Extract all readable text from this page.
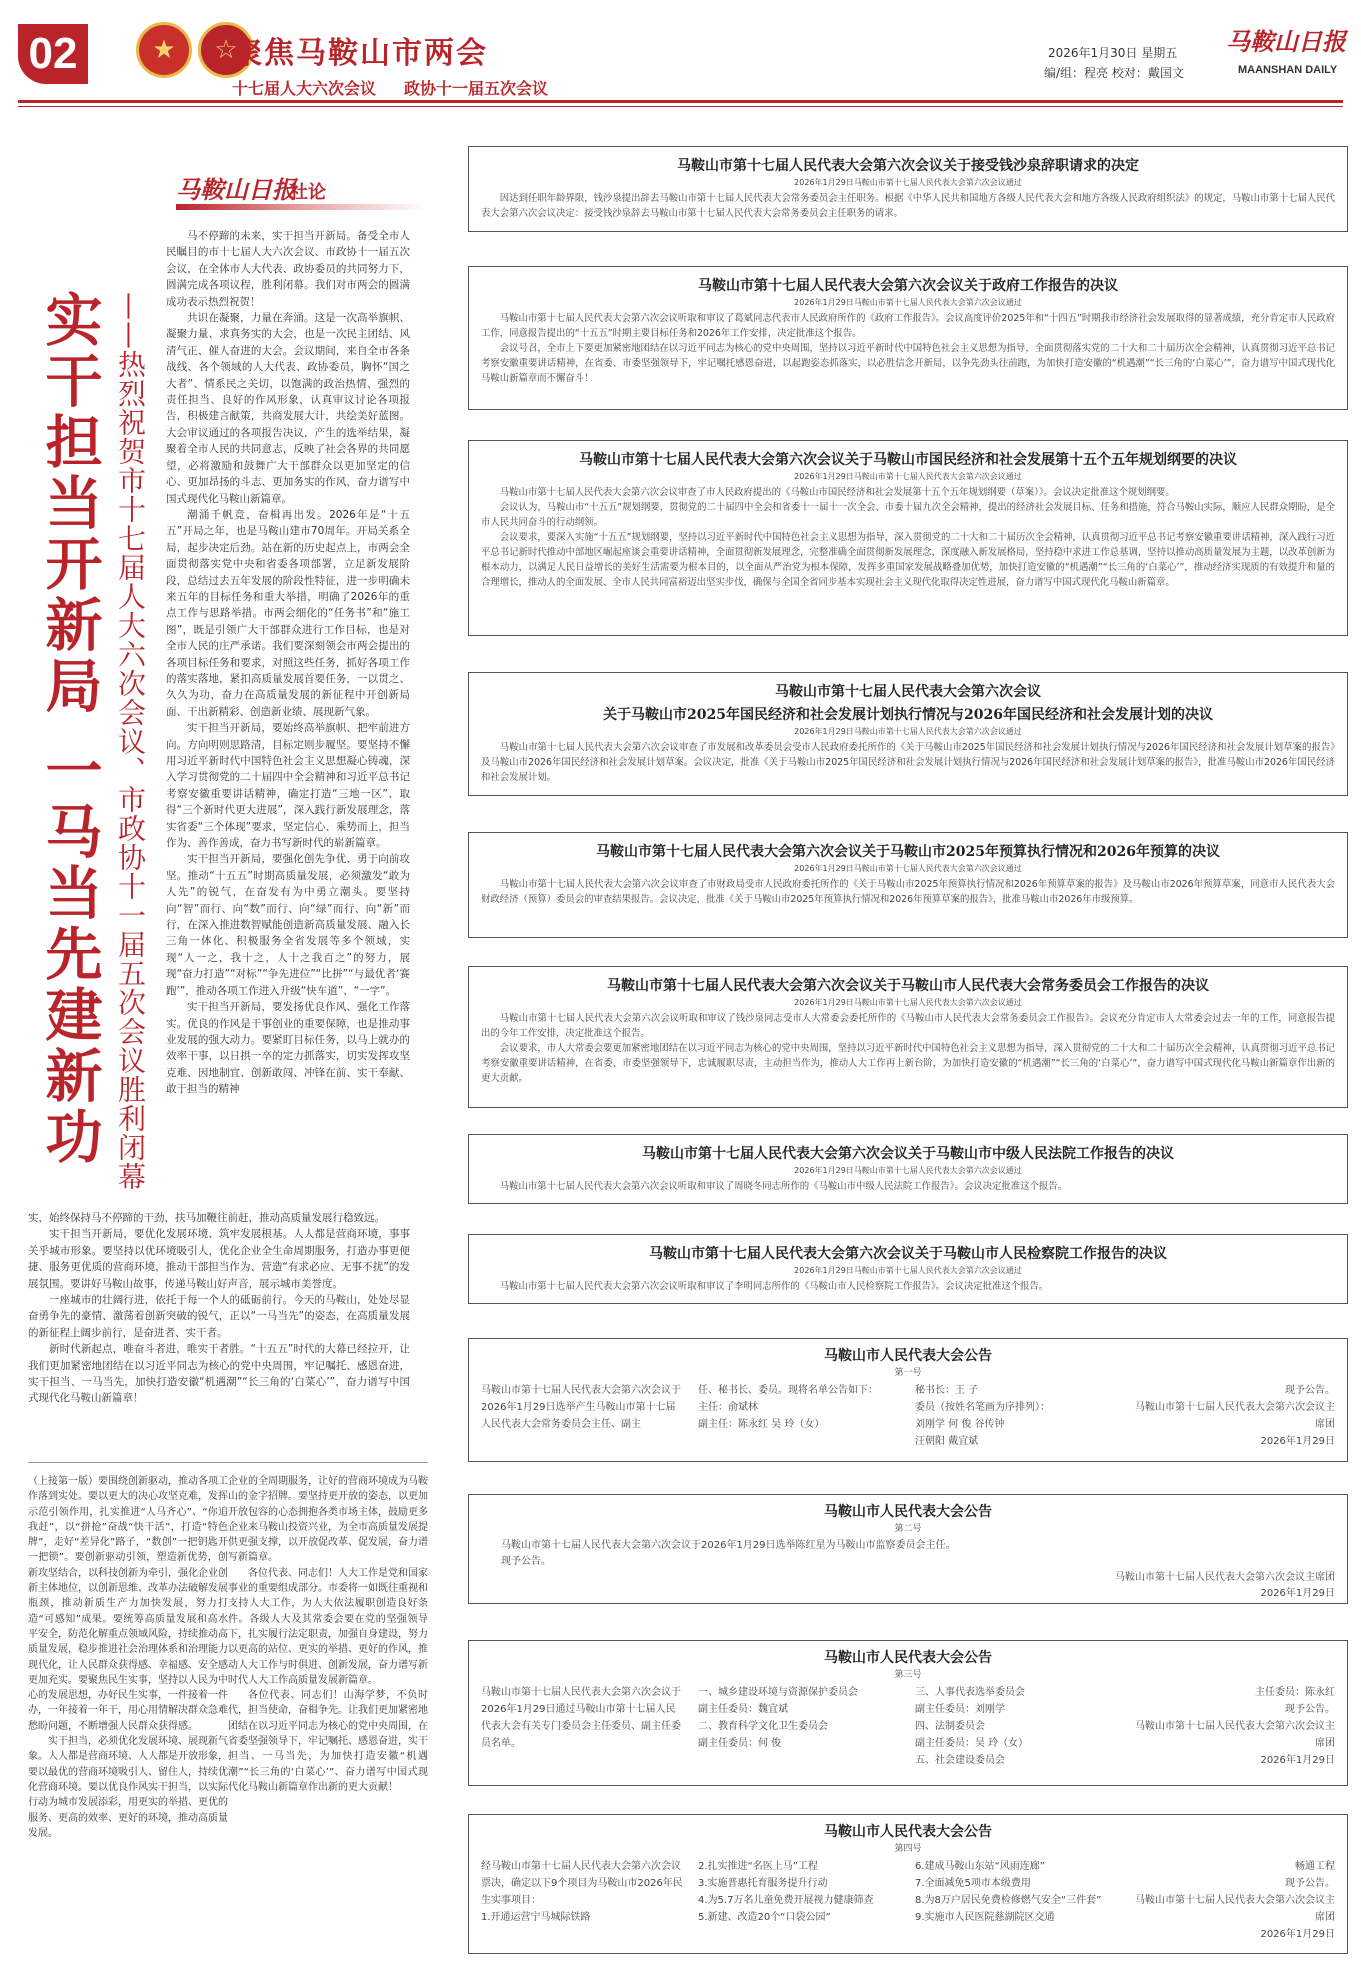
02	★	☆
聚焦马鞍山市两会
十七届人大六次会议 政协十一届五次会议
2026年1月30日 星期五
编/组：程亮 校对：戴国文
马鞍山日报
MAANSHAN DAILY
马鞍山日报
社论
实干担当开新局 一马当先建新功 ——热烈祝贺市十七届人大六次会议、市政协十一届五次会议胜利闭幕

马不停蹄的未来，实干担当开新局。备受全市人民瞩目的市十七届人大六次会议、市政协十一届五次会议，在全体市人大代表、政协委员的共同努力下，圆满完成各项议程，胜利闭幕。我们对市两会的圆满成功表示热烈祝贺！

共识在凝聚，力量在奔涌。这是一次高举旗帜、凝聚力量、求真务实的大会，也是一次民主团结、风清气正、催人奋进的大会。会议期间，来自全市各条战线、各个领域的人大代表、政协委员，胸怀“国之大者”、情系民之关切，以饱满的政治热情、强烈的责任担当、良好的作风形象，认真审议讨论各项报告，积极建言献策，共商发展大计，共绘美好蓝图。大会审议通过的各项报告决议，产生的选举结果，凝聚着全市人民的共同意志，反映了社会各界的共同愿望，必将激励和鼓舞广大干部群众以更加坚定的信心、更加昂扬的斗志、更加务实的作风，奋力谱写中国式现代化马鞍山新篇章。

潮涌千帆竞，奋楫再出发。2026年是“十五五”开局之年，也是马鞍山建市70周年。开局关系全局，起步决定后劲。站在新的历史起点上，市两会全面贯彻落实党中央和省委各项部署，立足新发展阶段，总结过去五年发展的阶段性特征，进一步明确未来五年的目标任务和重大举措，明确了2026年的重点工作与思路举措。市两会细化的“任务书”和“施工图”，既是引领广大干部群众进行工作目标，也是对全市人民的庄严承诺。我们要深刻领会市两会提出的各项目标任务和要求，对照这些任务，抓好各项工作的落实落地，紧扣高质量发展首要任务，一以贯之、久久为功，奋力在高质量发展的新征程中开创新局面、干出新精彩、创造新业绩、展现新气象。

实干担当开新局，要始终高举旗帜、把牢前进方向。方向明则思路清，目标定则步履坚。要坚持不懈用习近平新时代中国特色社会主义思想凝心铸魂，深入学习贯彻党的二十届四中全会精神和习近平总书记考察安徽重要讲话精神，确定打造“三地一区”、取得“三个新时代更大进展”，深入践行新发展理念，落实省委“三个体现”要求，坚定信心、乘势而上，担当作为、善作善成，奋力书写新时代的崭新篇章。

实干担当开新局，要强化创先争优、勇于向前攻坚。推动“十五五”时期高质量发展，必须激发“敢为人先”的锐气，在奋发有为中勇立潮头。要坚持向“智”而行、向“数”而行、向“绿”而行、向“新”而行，在深入推进数智赋能创造新高质量发展、融入长三角一体化、积极服务全省发展等多个领域，实现“人一之，我十之，人十之我百之”的努力，展现“奋力打造”“对标”“争先进位”“比拼”“与最优者‘赛跑’”，推动各项工作进入升级“快车道”、“一字”。

实干担当开新局，要发扬优良作风、强化工作落实。优良的作风是干事创业的重要保障，也是推动事业发展的强大动力。要紧盯目标任务，以马上就办的效率干事，以日拱一卒的定力抓落实，切实发挥攻坚克难、因地制宜、创新敢闯、冲锋在前、实干奉献、敢于担当的精神

实，始终保持马不停蹄的干劲，扶马加鞭往前赶，推动高质量发展行稳致远。

实干担当开新局，要优化发展环境、筑牢发展根基。人人都是营商环境，事事关乎城市形象。要坚持以优环境吸引人，优化企业全生命周期服务，打造办事更便捷、服务更优质的营商环境，推动干部担当作为、营造“有求必应、无事不扰”的发展氛围。要讲好马鞍山故事，传递马鞍山好声音，展示城市美誉度。

一座城市的壮阔行进，依托于每一个人的砥砺前行。今天的马鞍山，处处尽显奋勇争先的豪情、激荡着创新突破的锐气，正以“一马当先”的姿态，在高质量发展的新征程上阔步前行，是奋进者、实干者。

新时代新起点，唯奋斗者进，唯实干者胜。“十五五”时代的大幕已经拉开，让我们更加紧密地团结在以习近平同志为核心的党中央周围，牢记嘱托、感恩奋进，实干担当、一马当先，加快打造安徽“机遇潮”“长三角的‘白菜心’”，奋力谱写中国式现代化马鞍山新篇章！

（上接第一版）要围绕创新驱动，推动各项工作落到实处。要以更大的决心攻坚克难，发挥示范引领作用，扎实推进“人马齐心”、“你追我赶”，以“拼抢”奋战“快干活”，打造“特色牌”，走好“差异化”路子，“数创”一把钥匙开一把锁”。要创新驱动引领，塑造新优势，创新攻坚结合，以科技创新为牵引，强化企业创新主体地位，以创新思维、改革办法破解发展瓶颈，推动新质生产力加快发展，努力打造“可感知”成果。要统筹高质量发展和高水平安全，防范化解重点领域风险，持续推动高质量发展，稳步推进社会治理体系和治理能力现代化，让人民群众获得感、幸福感、安全感更加充实。要聚焦民生实事，坚持以人民为中心的发展思想，办好民生实事，一件接着一件办，一年接着一年干，用心用情解决群众急难愁盼问题，不断增强人民群众获得感。

实干担当，必须优化发展环境、展现新气象。人人都是营商环境、人人都是开放形象，要以最优的营商环境吸引人、留住人，持续优化营商环境。要以优良作风实干担当，以实际行动为城市发展添彩，用更实的举措、更优的服务、更高的效率、更好的环境，推动高质量发展。

企业的全周期服务，让好的营商环境成为马鞍山的金字招牌。要坚持更开放的姿态，以更加开放包容的心态拥抱各类市场主体，鼓励更多企业来马鞍山投资兴业，为全市高质量发展提供更强支撑，以开放促改革、促发展，奋力谱写新篇章。

各位代表、同志们！人大工作是党和国家事业的重要组成部分。市委将一如既往重视和支持人大工作，为人大依法履职创造良好条件。各级人大及其常委会要在党的坚强领导下，扎实履行法定职责，加强自身建设，努力以更高的站位、更实的举措、更好的作风，推动人大工作与时俱进、创新发展，奋力谱写新时代人大工作高质量发展新篇章。

各位代表、同志们！山海学梦，不负时代，担当使命，奋楫争先。让我们更加紧密地团结在以习近平同志为核心的党中央周围，在省委坚强领导下，牢记嘱托、感恩奋进，实干担当、一马当先，为加快打造安徽“机遇潮”“长三角的‘白菜心’”、奋力谱写中国式现代化马鞍山新篇章作出新的更大贡献！

马鞍山市第十七届人民代表大会第六次会议关于接受钱沙泉辞职请求的决定
2026年1月29日马鞍山市第十七届人民代表大会第六次会议通过

因达到任职年龄界限，钱沙泉提出辞去马鞍山市第十七届人民代表大会常务委员会主任职务。根据《中华人民共和国地方各级人民代表大会和地方各级人民政府组织法》的规定，马鞍山市第十七届人民代表大会第六次会议决定：接受钱沙泉辞去马鞍山市第十七届人民代表大会常务委员会主任职务的请求。

马鞍山市第十七届人民代表大会第六次会议关于政府工作报告的决议
2026年1月29日马鞍山市第十七届人民代表大会第六次会议通过

马鞍山市第十七届人民代表大会第六次会议听取和审议了葛斌同志代表市人民政府所作的《政府工作报告》。会议高度评价2025年和“十四五”时期我市经济社会发展取得的显著成绩，充分肯定市人民政府工作，同意报告提出的“十五五”时期主要目标任务和2026年工作安排，决定批准这个报告。

会议号召，全市上下要更加紧密地团结在以习近平同志为核心的党中央周围，坚持以习近平新时代中国特色社会主义思想为指导，全面贯彻落实党的二十大和二十届历次全会精神，认真贯彻习近平总书记考察安徽重要讲话精神，在省委、市委坚强领导下，牢记嘱托感恩奋进，以起跑姿态抓落实，以必胜信念开新局，以争先劲头往前跑，为加快打造安徽的“机遇潮”“长三角的‘白菜心’”，奋力谱写中国式现代化马鞍山新篇章而不懈奋斗！

马鞍山市第十七届人民代表大会第六次会议关于马鞍山市国民经济和社会发展第十五个五年规划纲要的决议
2026年1月29日马鞍山市第十七届人民代表大会第六次会议通过

马鞍山市第十七届人民代表大会第六次会议审查了市人民政府提出的《马鞍山市国民经济和社会发展第十五个五年规划纲要（草案）》。会议决定批准这个规划纲要。

会议认为，马鞍山市“十五五”规划纲要，贯彻党的二十届四中全会和省委十一届十一次全会、市委十届九次全会精神，提出的经济社会发展目标、任务和措施，符合马鞍山实际，顺应人民群众期盼，是全市人民共同奋斗的行动纲领。

会议要求，要深入实施“十五五”规划纲要，坚持以习近平新时代中国特色社会主义思想为指导，深入贯彻党的二十大和二十届历次全会精神，认真贯彻习近平总书记考察安徽重要讲话精神，深入践行习近平总书记新时代推动中部地区崛起座谈会重要讲话精神，全面贯彻新发展理念，完整准确全面贯彻新发展理念，深度融入新发展格局，坚持稳中求进工作总基调，坚持以推动高质量发展为主题，以改革创新为根本动力，以满足人民日益增长的美好生活需要为根本目的，以全面从严治党为根本保障，发挥多重国家发展战略叠加优势，加快打造安徽的“机遇潮”“长三角的‘白菜心’”，推动经济实现质的有效提升和量的合理增长，推动人的全面发展、全市人民共同富裕迈出坚实步伐，确保与全国全省同步基本实现社会主义现代化取得决定性进展，奋力谱写中国式现代化马鞍山新篇章。

马鞍山市第十七届人民代表大会第六次会议
关于马鞍山市2025年国民经济和社会发展计划执行情况与2026年国民经济和社会发展计划的决议
2026年1月29日马鞍山市第十七届人民代表大会第六次会议通过

马鞍山市第十七届人民代表大会第六次会议审查了市发展和改革委员会受市人民政府委托所作的《关于马鞍山市2025年国民经济和社会发展计划执行情况与2026年国民经济和社会发展计划草案的报告》及马鞍山市2026年国民经济和社会发展计划草案。会议决定，批准《关于马鞍山市2025年国民经济和社会发展计划执行情况与2026年国民经济和社会发展计划草案的报告》，批准马鞍山市2026年国民经济和社会发展计划。

马鞍山市第十七届人民代表大会第六次会议关于马鞍山市2025年预算执行情况和2026年预算的决议
2026年1月29日马鞍山市第十七届人民代表大会第六次会议通过

马鞍山市第十七届人民代表大会第六次会议审查了市财政局受市人民政府委托所作的《关于马鞍山市2025年预算执行情况和2026年预算草案的报告》及马鞍山市2026年预算草案，同意市人民代表大会财政经济（预算）委员会的审查结果报告。会议决定，批准《关于马鞍山市2025年预算执行情况和2026年预算草案的报告》，批准马鞍山市2026年市级预算。

马鞍山市第十七届人民代表大会第六次会议关于马鞍山市人民代表大会常务委员会工作报告的决议
2026年1月29日马鞍山市第十七届人民代表大会第六次会议通过

马鞍山市第十七届人民代表大会第六次会议听取和审议了钱沙泉同志受市人大常委会委托所作的《马鞍山市人民代表大会常务委员会工作报告》。会议充分肯定市人大常委会过去一年的工作，同意报告提出的今年工作安排，决定批准这个报告。

会议要求，市人大常委会要更加紧密地团结在以习近平同志为核心的党中央周围，坚持以习近平新时代中国特色社会主义思想为指导，深入贯彻党的二十大和二十届历次全会精神，认真贯彻习近平总书记考察安徽重要讲话精神，在省委、市委坚强领导下，忠诚履职尽责，主动担当作为，推动人大工作再上新台阶，为加快打造安徽的“机遇潮”“长三角的‘白菜心’”，奋力谱写中国式现代化马鞍山新篇章作出新的更大贡献。

马鞍山市第十七届人民代表大会第六次会议关于马鞍山市中级人民法院工作报告的决议
2026年1月29日马鞍山市第十七届人民代表大会第六次会议通过

马鞍山市第十七届人民代表大会第六次会议听取和审议了周晓冬同志所作的《马鞍山市中级人民法院工作报告》。会议决定批准这个报告。

马鞍山市第十七届人民代表大会第六次会议关于马鞍山市人民检察院工作报告的决议
2026年1月29日马鞍山市第十七届人民代表大会第六次会议通过

马鞍山市第十七届人民代表大会第六次会议听取和审议了李明同志所作的《马鞍山市人民检察院工作报告》。会议决定批准这个报告。

马鞍山市人民代表大会公告
第一号
马鞍山市第十七届人民代表大会第六次会议于2026年1月29日选举产生马鞍山市第十七届人民代表大会常务委员会主任、副主
任、秘书长、委员。现将名单公告如下：
主任：俞斌林
副主任：陈永红 吴 玲（女）
秘书长：王 子
委员（按姓名笔画为序排列）：
刘刚学 何 俊 谷传钟
汪朝阳 戴宜斌
现予公告。
马鞍山市第十七届人民代表大会第六次会议主席团
2026年1月29日
马鞍山市人民代表大会公告
第二号

马鞍山市第十七届人民代表大会第六次会议于2026年1月29日选举陈红星为马鞍山市监察委员会主任。

现予公告。

马鞍山市第十七届人民代表大会第六次会议主席团

2026年1月29日

马鞍山市人民代表大会公告
第三号
马鞍山市第十七届人民代表大会第六次会议于2026年1月29日通过马鞍山市第十七届人民代表大会有关专门委员会主任委员、副主任委员名单。
一、城乡建设环境与资源保护委员会
副主任委员：魏宜斌
二、教育科学文化卫生委员会
副主任委员：何 俊
三、人事代表选举委员会
副主任委员：刘刚学
四、法制委员会
副主任委员：吴 玲（女）
五、社会建设委员会
主任委员：陈永红
现予公告。
马鞍山市第十七届人民代表大会第六次会议主席团
2026年1月29日
马鞍山市人民代表大会公告
第四号
经马鞍山市第十七届人民代表大会第六次会议票决，确定以下9个项目为马鞍山市2026年民生实事项目：
1.开通运营宁马城际铁路
2.扎实推进“名医上马”工程
3.实施普惠托育服务提升行动
4.为5.7万名儿童免费开展视力健康筛查
5.新建、改造20个“口袋公园”
6.建成马鞍山东站“风雨连廊”
7.全面减免5项市本级费用
8.为8万户居民免费检修燃气安全“三件套”
9.实施市人民医院慈湖院区交通
畅通工程
现予公告。
马鞍山市第十七届人民代表大会第六次会议主席团
2026年1月29日
